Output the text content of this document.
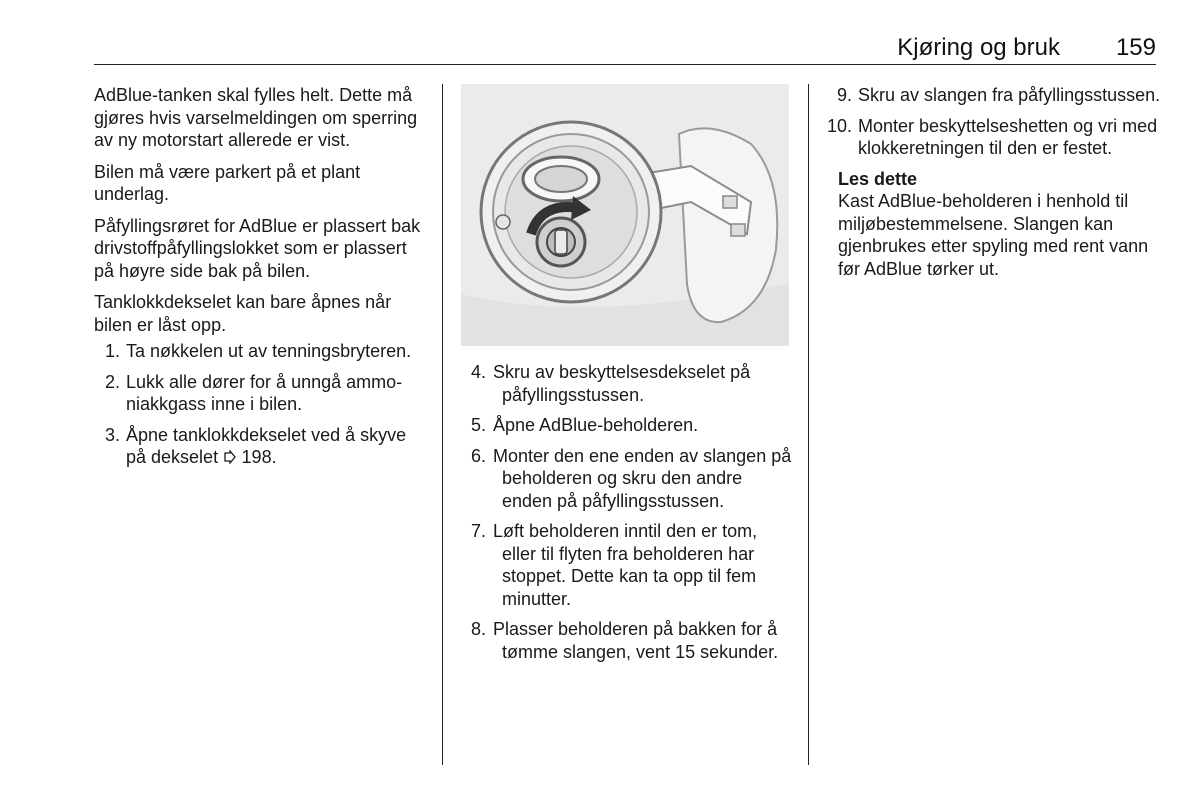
Kjøring og bruk 159

AdBlue-tanken skal fylles helt. Dette må gjøres hvis varselmeldingen om sperring av ny motorstart allerede er vist.

Bilen må være parkert på et plant underlag.

Påfyllingsrøret for AdBlue er plassert bak drivstoffpåfyllingslokket som er plassert på høyre side bak på bilen.

Tanklokkdekselet kan bare åpnes når bilen er låst opp.

1. Ta nøkkelen ut av tenningsbryteren.
2. Lukk alle dører for å unngå ammoniakkgass inne i bilen.
3. Åpne tanklokkdekselet ved å skyve på dekselet 198.
4. Skru av beskyttelsesdekselet på påfyllingsstussen.
5. Åpne AdBlue-beholderen.
6. Monter den ene enden av slangen på beholderen og skru den andre enden på påfyllingsstussen.
7. Løft beholderen inntil den er tom, eller til flyten fra beholderen har stoppet. Dette kan ta opp til fem minutter.
8. Plasser beholderen på bakken for å tømme slangen, vent 15 sekunder.
9. Skru av slangen fra påfyllingsstussen.
10. Monter beskyttelseshetten og vri med klokkeretningen til den er festet.

Les dette

Kast AdBlue-beholderen i henhold til miljøbestemmelsene. Slangen kan gjenbrukes etter spyling med rent vann før AdBlue tørker ut.
